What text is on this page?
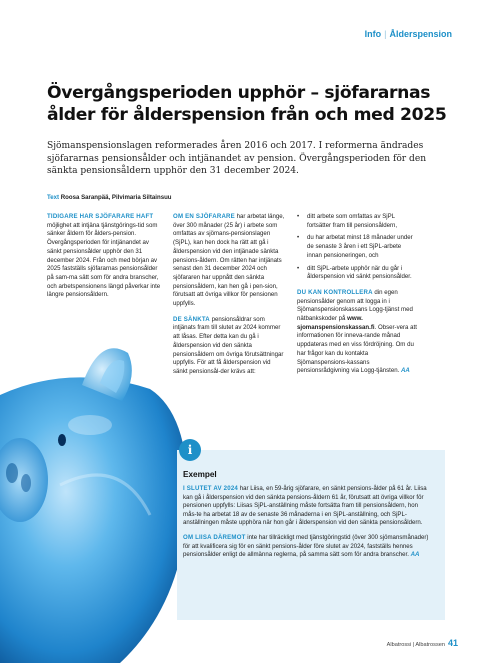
Info | Ålderspension
Övergångsperioden upphör – sjöfararnas ålder för ålderspension från och med 2025

Sjömanspensionslagen reformerades åren 2016 och 2017. I reformerna ändrades sjöfararnas pensionsålder och intjänandet av pension. Övergångsperioden för den sänkta pensionsåldern upphör den 31 december 2024.

Text Roosa Saranpää, Pilvimaria Siltainsuu

TIDIGARE HAR SJÖFARARE HAFT möjlighet att intjäna tjänstgörings-tid som sänker åldern för ålders-pension. Övergångsperioden för intjänandet av sänkt pensionsålder upphör den 31 december 2024. Från och med början av 2025 fastställs sjöfararnas pensionsålder på sam-ma sätt som för andra branscher, och arbetspensionens längd påverkar inte längre pensionsåldern.

OM EN SJÖFARARE har arbetat länge, över 300 månader (25 år) i arbete som omfattas av sjömans-pensionslagen (SjPL), kan hen dock ha rätt att gå i ålderspension vid den intjänade sänkta pensions-åldern. Om rätten har intjänats senast den 31 december 2024 och sjöfararen har uppnått den sänkta pensionsåldern, kan hen gå i pen-sion, förutsatt att övriga villkor för pensionen uppfylls.

DE SÄNKTA pensionsåldrar som intjänats fram till slutet av 2024 kommer att låsas. Efter detta kan du gå i ålderspension vid den sänkta pensionsåldern om övriga förutsättningar uppfylls. För att få ålderspension vid sänkt pensionsål-der krävs att:

• ditt arbete som omfattas av SjPL fortsätter fram till pensionsåldern,
• du har arbetat minst 18 månader under de senaste 3 åren i ett SjPL-arbete innan pensioneringen, och
• ditt SjPL-arbete upphör när du går i ålderspension vid sänkt pensionsålder.

DU KAN KONTROLLERA din egen pensionsålder genom att logga in i Sjömanspensionskassans Logg-tjänst med nätbankskoder på www. sjomanspensionskassan.fi. Obser-vera att informationen för inneva-rande månad uppdateras med en viss fördröjning. Om du har frågor kan du kontakta Sjömanspensions-kassans pensionsrådgivning via Logg-tjänsten. AA

i
Exempel

I SLUTET AV 2024 har Liisa, en 59-årig sjöfarare, en sänkt pensions-ålder på 61 år. Liisa kan gå i ålderspension vid den sänkta pensions-åldern 61 år, förutsatt att övriga villkor för pensionen uppfylls: Liisas SjPL-anställning måste fortsätta fram till pensionsåldern, hon mås-te ha arbetat 18 av de senaste 36 månaderna i en SjPL-anställning, och SjPL-anställningen måste upphöra när hon går i ålderspension vid den sänkta pensionsåldern.

OM LIISA DÄREMOT inte har tillräckligt med tjänstgöringstid (över 300 sjömansmånader) för att kvalificera sig för en sänkt pensions-ålder före slutet av 2024, fastställs hennes pensionsålder enligt de allmänna reglerna, på samma sätt som för andra branscher. AA

Albatrossi | Albatrossen 41
